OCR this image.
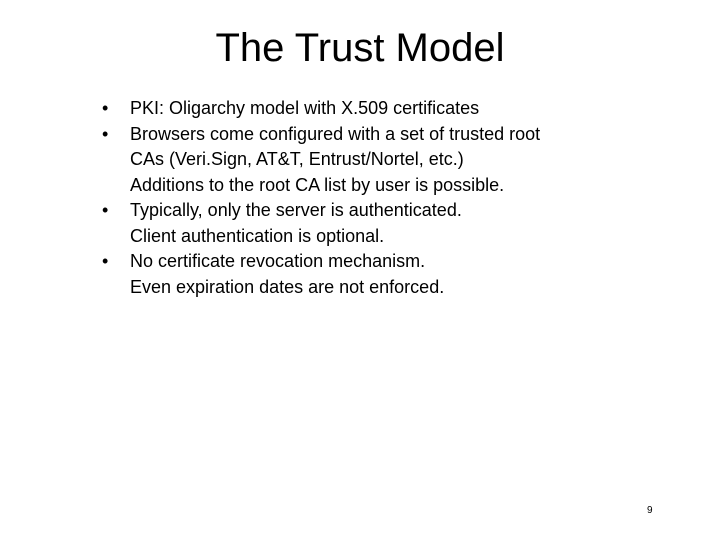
The Trust Model
•	PKI: Oligarchy model with X.509 certificates
•	Browsers come configured with a set of trusted root
CAs (Veri.Sign, AT&T, Entrust/Nortel, etc.)
Additions to the root CA list by user is possible.
•	Typically, only the server is authenticated.
Client authentication is optional.
•	No certificate revocation mechanism.
Even expiration dates are not enforced.
9
